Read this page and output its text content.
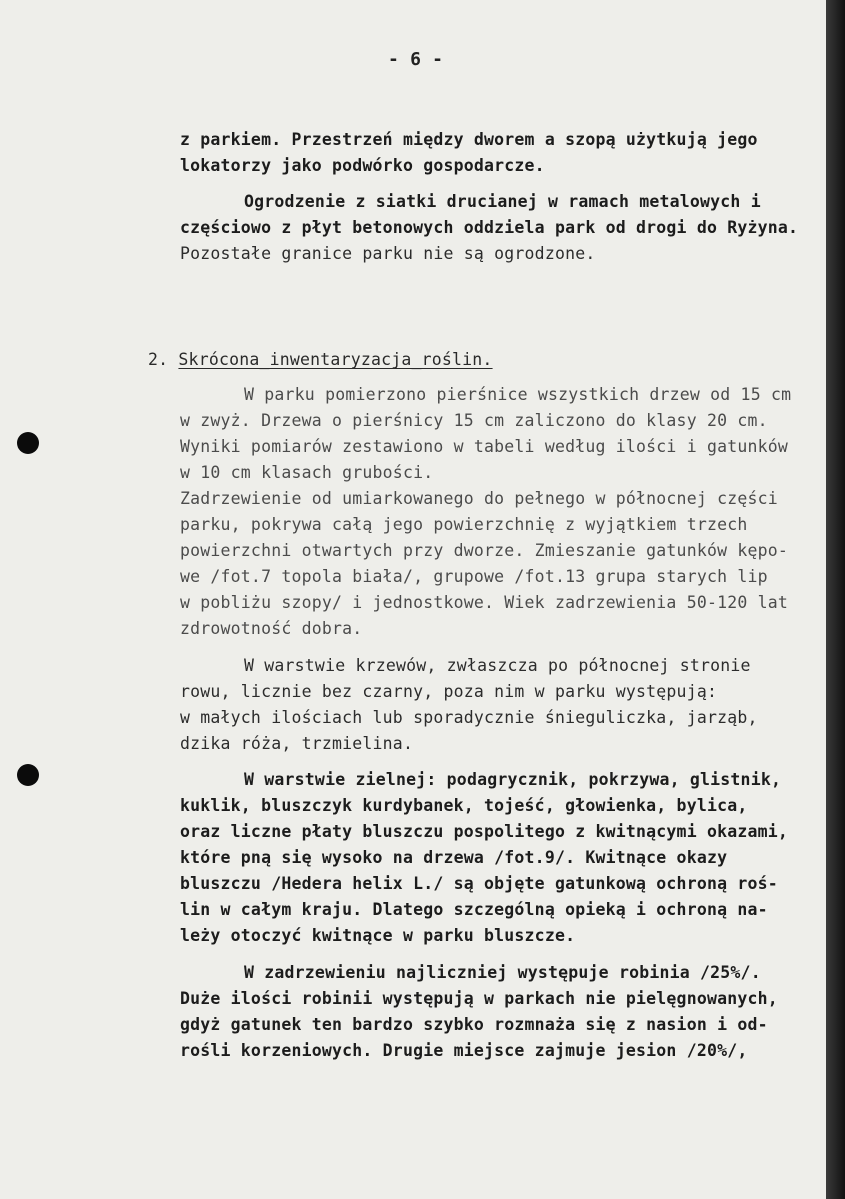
- 6 -
z parkiem. Przestrzeń między dworem a szopą użytkują jego
lokatorzy jako podwórko gospodarcze.
Ogrodzenie z siatki drucianej w ramach metalowych i
częściowo z płyt betonowych oddziela park od drogi do Ryżyna.
Pozostałe granice parku nie są ogrodzone.
2. Skrócona_inwentaryzacja_roślin.
W parku pomierzono pierśnice wszystkich drzew od 15 cm
w zwyż. Drzewa o pierśnicy 15 cm zaliczono do klasy 20 cm.
Wyniki pomiarów zestawiono w tabeli według ilości i gatunków
w 10 cm klasach grubości.
Zadrzewienie od umiarkowanego do pełnego w północnej części
parku, pokrywa całą jego powierzchnię z wyjątkiem trzech
powierzchni otwartych przy dworze. Zmieszanie gatunków kępo-
we /fot.7 topola biała/, grupowe /fot.13 grupa starych lip
w pobliżu szopy/ i jednostkowe. Wiek zadrzewienia 50-120 lat
zdrowotność dobra.
W warstwie krzewów, zwłaszcza po północnej stronie
rowu, licznie bez czarny, poza nim w parku występują:
w małych ilościach lub sporadycznie śnieguliczka, jarząb,
dzika róża, trzmielina.
W warstwie zielnej: podagrycznik, pokrzywa, glistnik,
kuklik, bluszczyk kurdybanek, tojeść, głowienka, bylica,
oraz liczne płaty bluszczu pospolitego z kwitnącymi okazami,
które pną się wysoko na drzewa /fot.9/. Kwitnące okazy
bluszczu /Hedera helix L./ są objęte gatunkową ochroną roś-
lin w całym kraju. Dlatego szczególną opieką i ochroną na-
leży otoczyć kwitnące w parku bluszcze.
W zadrzewieniu najliczniej występuje robinia /25%/.
Duże ilości robinii występują w parkach nie pielęgnowanych,
gdyż gatunek ten bardzo szybko rozmnaża się z nasion i od-
rośli korzeniowych. Drugie miejsce zajmuje jesion /20%/,
